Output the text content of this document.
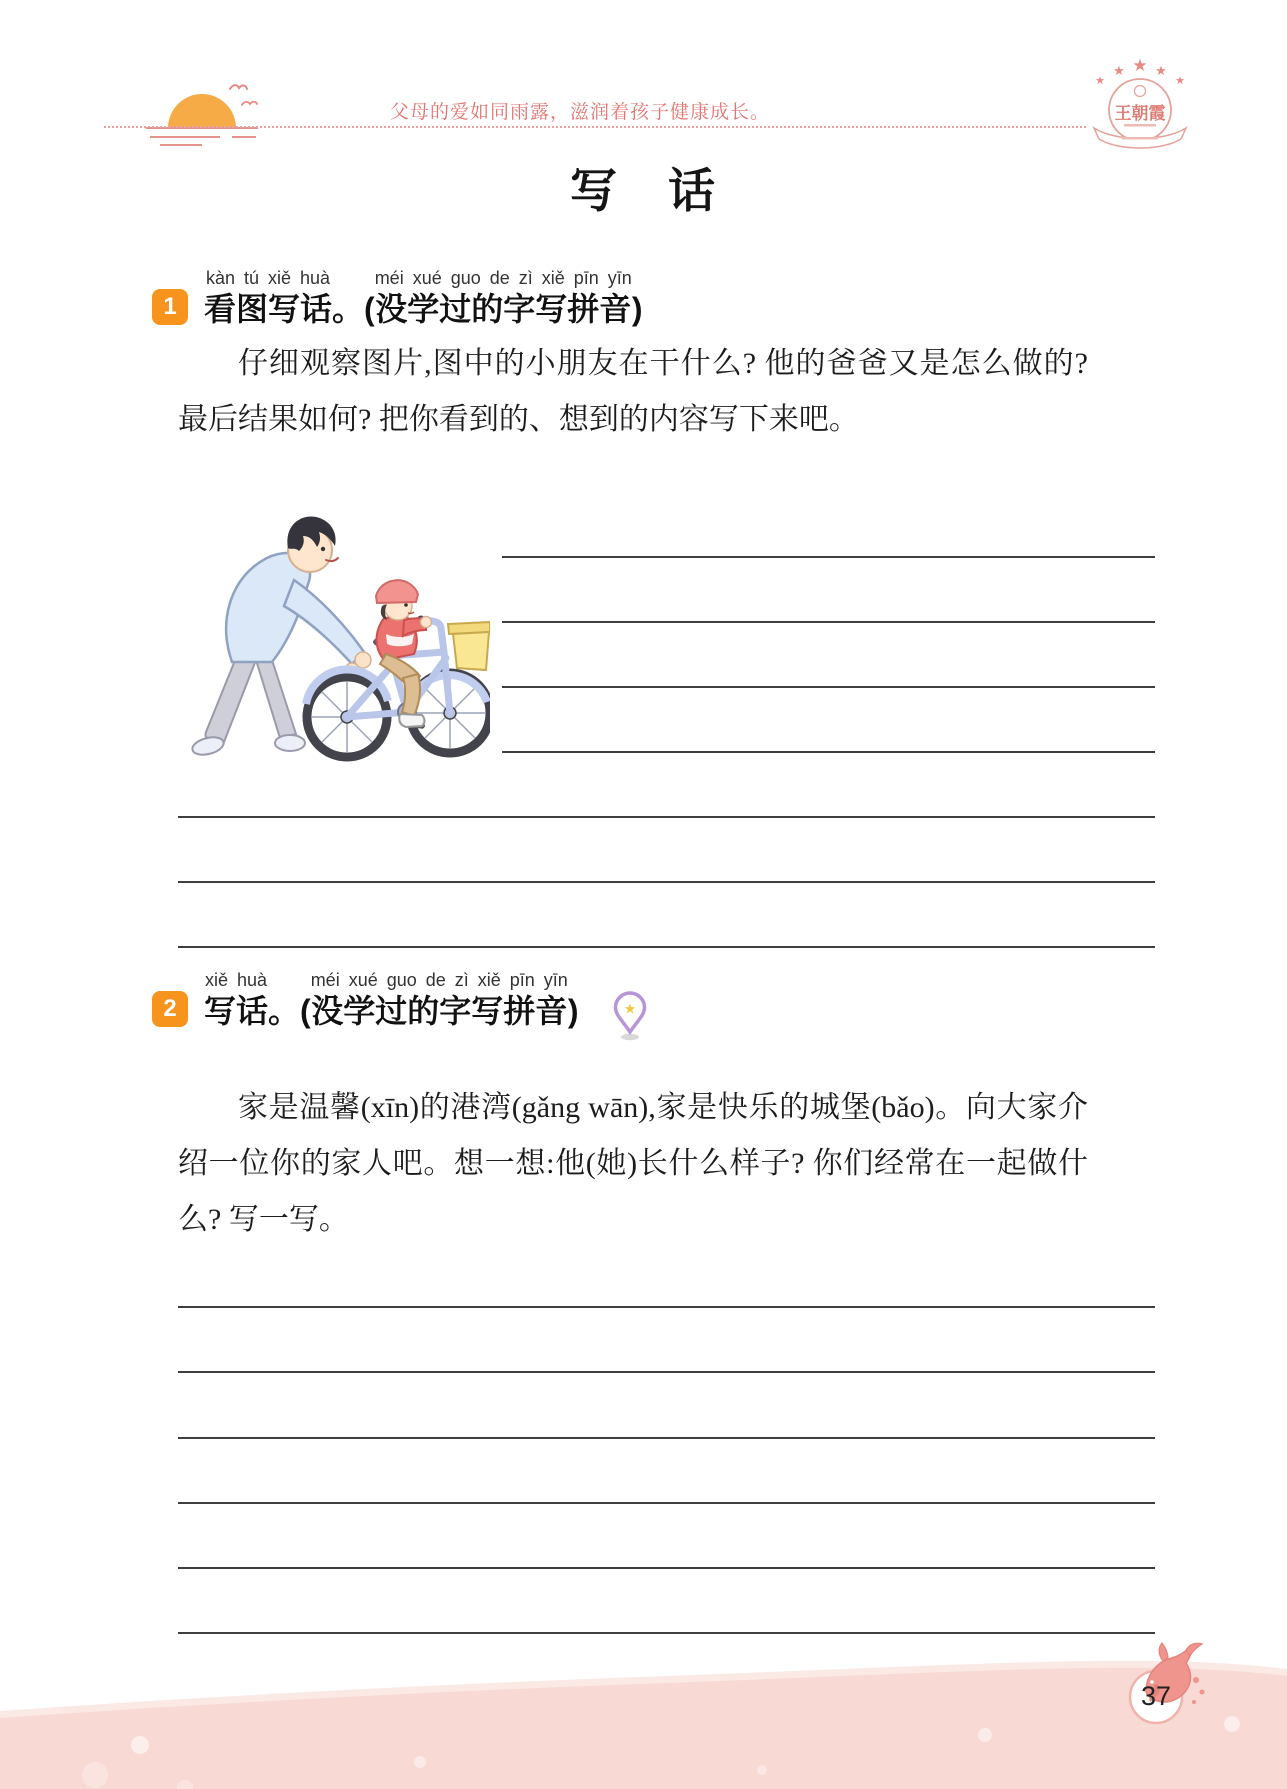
父母的爱如同雨露，滋润着孩子健康成长。
★
★ ★ ★
★
王朝霞
写　话
1
kàn tú xiě huà
看图写话 。(
méi xué guo de zì xiě pīn yīn
没学过的字写拼音 )
仔细观察图片,图中的小朋友在干什么? 他的爸爸又是怎么做的? 最后结果如何? 把你看到的、想到的内容写下来吧。
2
xiě huà
写话 。(
méi xué guo de zì xiě pīn yīn
没学过的字写拼音 )	★
家是温馨(xīn)的港湾(gǎng wān),家是快乐的城堡(bǎo)。向大家介绍一位你的家人吧。想一想:他(她)长什么样子? 你们经常在一起做什么? 写一写。
37
